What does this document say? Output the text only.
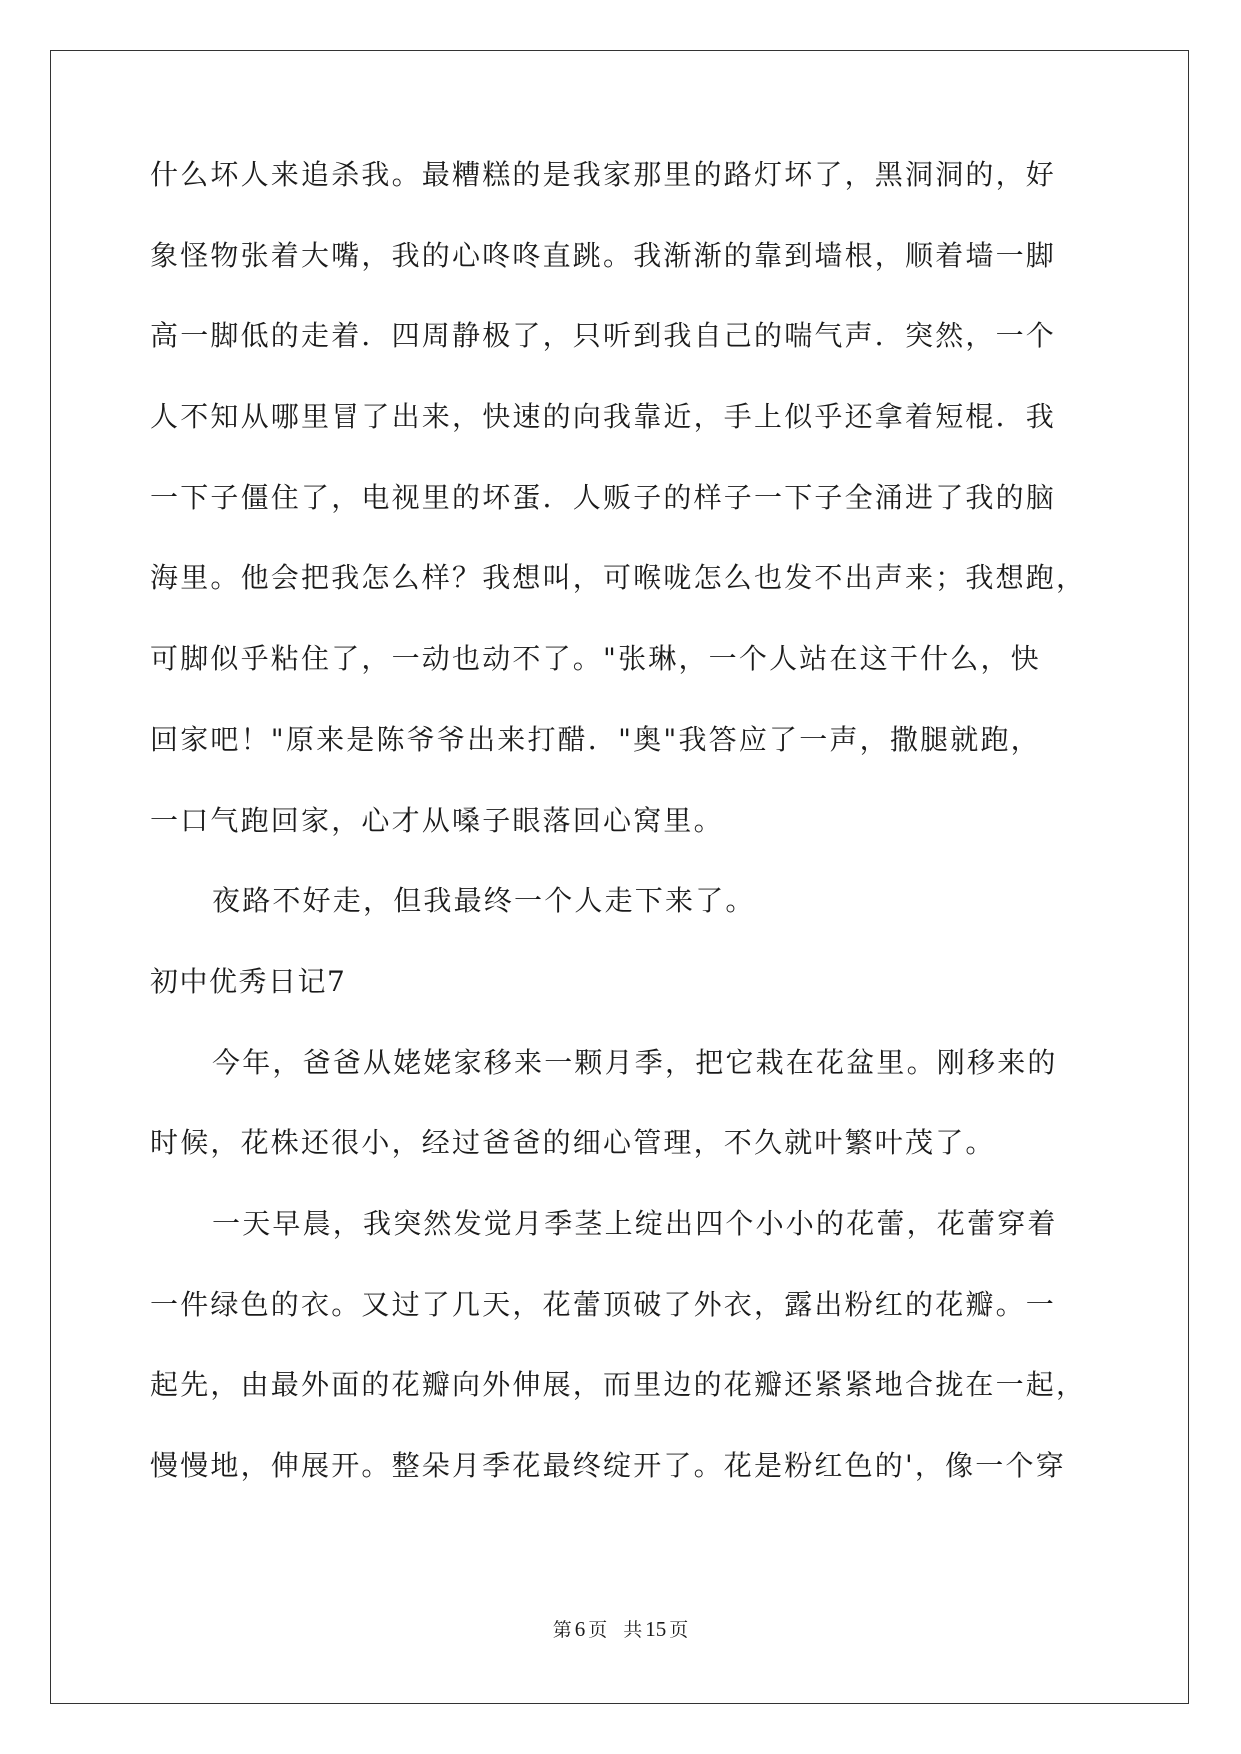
什么坏人来追杀我。最糟糕的是我家那里的路灯坏了，黑洞洞的，好
象怪物张着大嘴，我的心咚咚直跳。我渐渐的靠到墙根，顺着墙一脚
高一脚低的走着．四周静极了，只听到我自己的喘气声．突然，一个
人不知从哪里冒了出来，快速的向我靠近，手上似乎还拿着短棍．我
一下子僵住了，电视里的坏蛋．人贩子的样子一下子全涌进了我的脑
海里。他会把我怎么样？我想叫，可喉咙怎么也发不出声来；我想跑，
可脚似乎粘住了，一动也动不了。"张琳，一个人站在这干什么，快
回家吧！"原来是陈爷爷出来打醋．"奥"我答应了一声，撒腿就跑，
一口气跑回家，心才从嗓子眼落回心窝里。
夜路不好走，但我最终一个人走下来了。
初中优秀日记7
今年，爸爸从姥姥家移来一颗月季，把它栽在花盆里。刚移来的
时候，花株还很小，经过爸爸的细心管理，不久就叶繁叶茂了。
一天早晨，我突然发觉月季茎上绽出四个小小的花蕾，花蕾穿着
一件绿色的衣。又过了几天，花蕾顶破了外衣，露出粉红的花瓣。一
起先，由最外面的花瓣向外伸展，而里边的花瓣还紧紧地合拢在一起，
慢慢地，伸展开。整朵月季花最终绽开了。花是粉红色的'，像一个穿
第 6 页 共 15 页
